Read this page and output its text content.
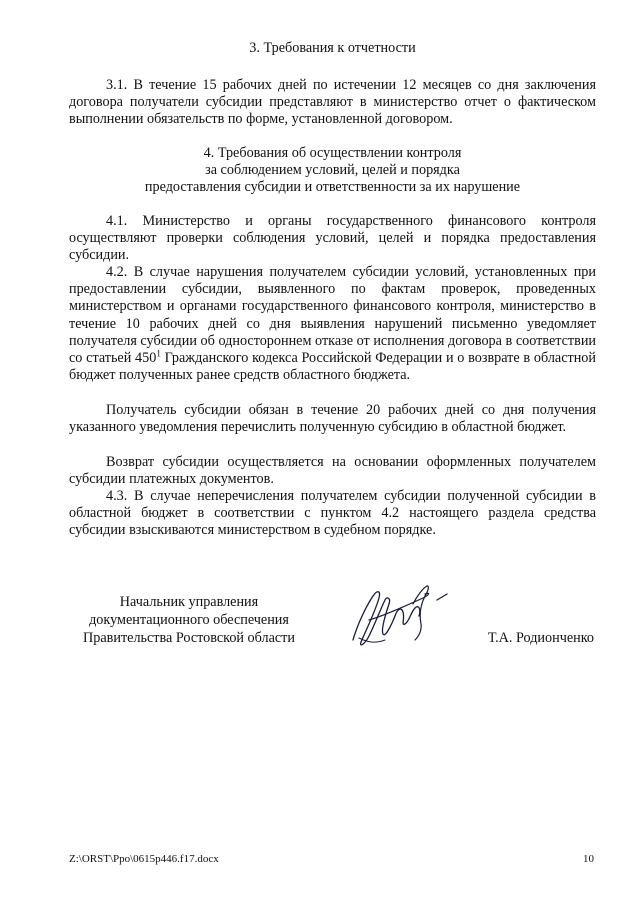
3. Требования к отчетности

3.1. В течение 15 рабочих дней по истечении 12 месяцев со дня заключения договора получатели субсидии представляют в министерство отчет о фактическом выполнении обязательств по форме, установленной договором.

4. Требования об осуществлении контроля
за соблюдением условий, целей и порядка
предоставления субсидии и ответственности за их нарушение

4.1. Министерство и органы государственного финансового контроля осуществляют проверки соблюдения условий, целей и порядка предоставления субсидии.

4.2. В случае нарушения получателем субсидии условий, установленных при предоставлении субсидии, выявленного по фактам проверок, проведенных министерством и органами государственного финансового контроля, министерство в течение 10 рабочих дней со дня выявления нарушений письменно уведомляет получателя субсидии об одностороннем отказе от исполнения договора в соответствии со статьей $450^1$ Гражданского кодекса Российской Федерации и о возврате в областной бюджет полученных ранее средств областного бюджета.

Получатель субсидии обязан в течение 20 рабочих дней со дня получения указанного уведомления перечислить полученную субсидию в областной бюджет.

Возврат субсидии осуществляется на основании оформленных получателем субсидии платежных документов.

4.3. В случае неперечисления получателем субсидии полученной субсидии в областной бюджет в соответствии с пунктом 4.2 настоящего раздела средства субсидии взыскиваются министерством в судебном порядке.

Начальник управления
документационного обеспечения
Правительства Ростовской области	Т.А. Родионченко
Z:\ORST\Ppo\0615p446.f17.docx	10
